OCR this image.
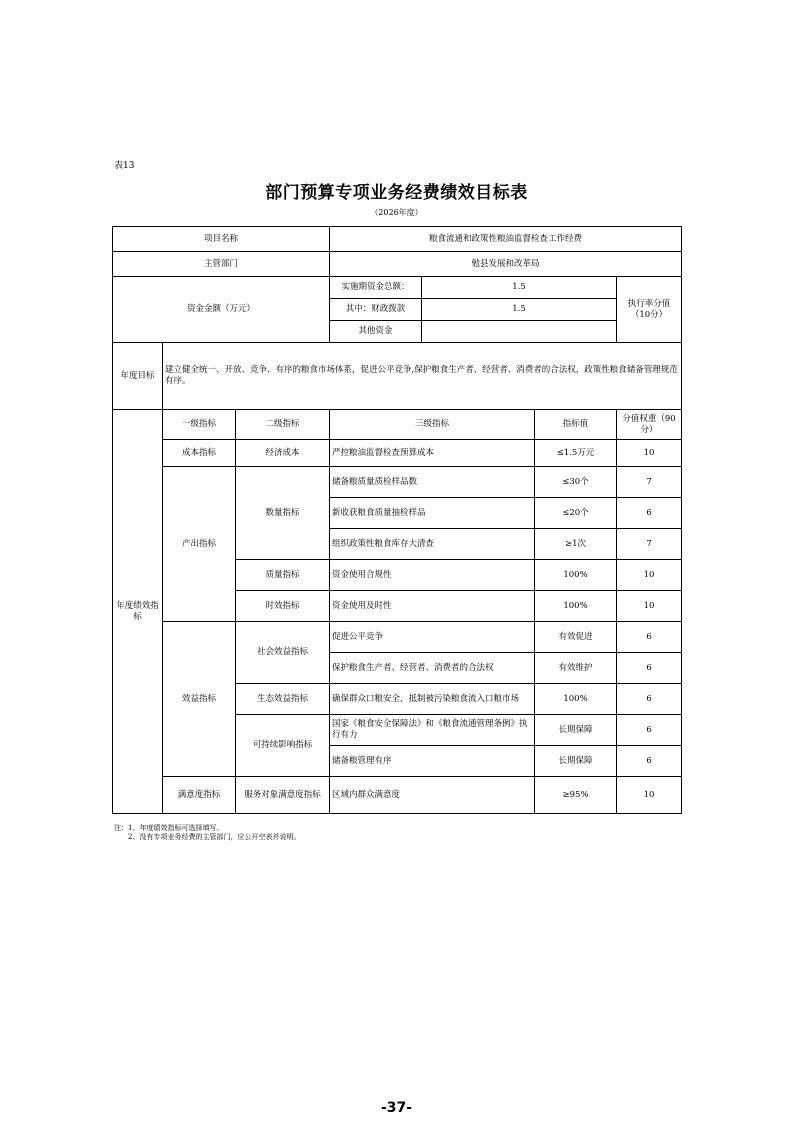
表13
部门预算专项业务经费绩效目标表
（2026年度）
项目名称			粮食流通和政策性粮油监督检查工作经费			
主管部门			勉县发展和改革局			
资金金额（万元）			实施期资金总额：	1.5		执行率分值（10分）
			其中：财政拨款	1.5		
			其他资金			
年度目标	建立健全统一、开放、竞争、有序的粮食市场体系，促进公平竞争,保护粮食生产者、经营者、消费者的合法权，政策性粮食储备管理规范有序。					
年度绩效指标	一级指标	二级指标	三级指标		指标值	分值权重（90分）
	成本指标	经济成本	严控粮油监督检查预算成本		≤1.5万元	10
	产出指标	数量指标	储备粮质量质检样品数		≤30个	7
			新收获粮食质量抽检样品		≤20个	6
			组织政策性粮食库存大清查		≥1次	7
		质量指标	资金使用合规性		100%	10
		时效指标	资金使用及时性		100%	10
	效益指标	社会效益指标	促进公平竞争		有效促进	6
			保护粮食生产者、经营者、消费者的合法权		有效维护	6
		生态效益指标	确保群众口粮安全，抵制被污染粮食流入口粮市场		100%	6
		可持续影响指标	国家《粮食安全保障法》和《粮食流通管理条例》执行有力		长期保障	6
			储备粮管理有序		长期保障	6
	满意度指标	服务对象满意度指标	区域内群众满意度		≥95%	10
注：1、年度绩效指标可选择填写。
2、没有专项业务经费的主管部门，应公开空表并说明。
-37-
